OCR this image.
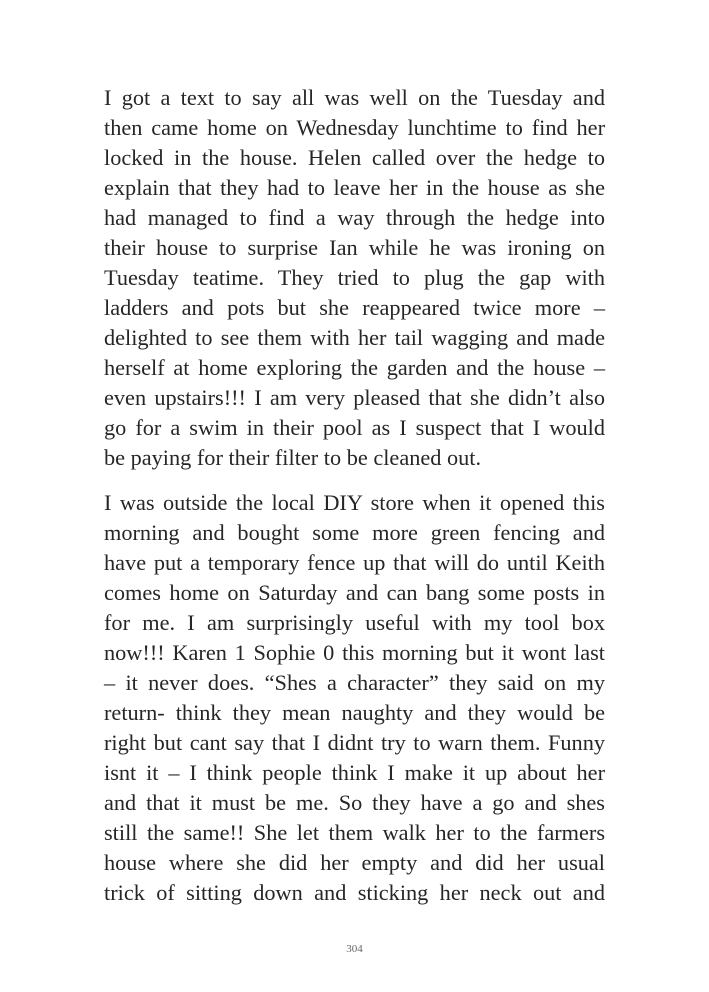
I got a text to say all was well on the Tuesday and
then came home on Wednesday lunchtime to find her
locked in the house. Helen called over the hedge to
explain that they had to leave her in the house as she
had managed to find a way through the hedge into
their house to surprise Ian while he was ironing on
Tuesday teatime. They tried to plug the gap with
ladders and pots but she reappeared twice more –
delighted to see them with her tail wagging and made
herself at home exploring the garden and the house –
even upstairs!!! I am very pleased that she didn’t also
go for a swim in their pool as I suspect that I would
be paying for their filter to be cleaned out.

I was outside the local DIY store when it opened this
morning and bought some more green fencing and
have put a temporary fence up that will do until Keith
comes home on Saturday and can bang some posts in
for me. I am surprisingly useful with my tool box
now!!! Karen 1 Sophie 0 this morning but it wont last
– it never does. “Shes a character” they said on my
return- think they mean naughty and they would be
right but cant say that I didnt try to warn them. Funny
isnt it – I think people think I make it up about her
and that it must be me. So they have a go and shes
still the same!! She let them walk her to the farmers
house where she did her empty and did her usual
trick of sitting down and sticking her neck out and

304
